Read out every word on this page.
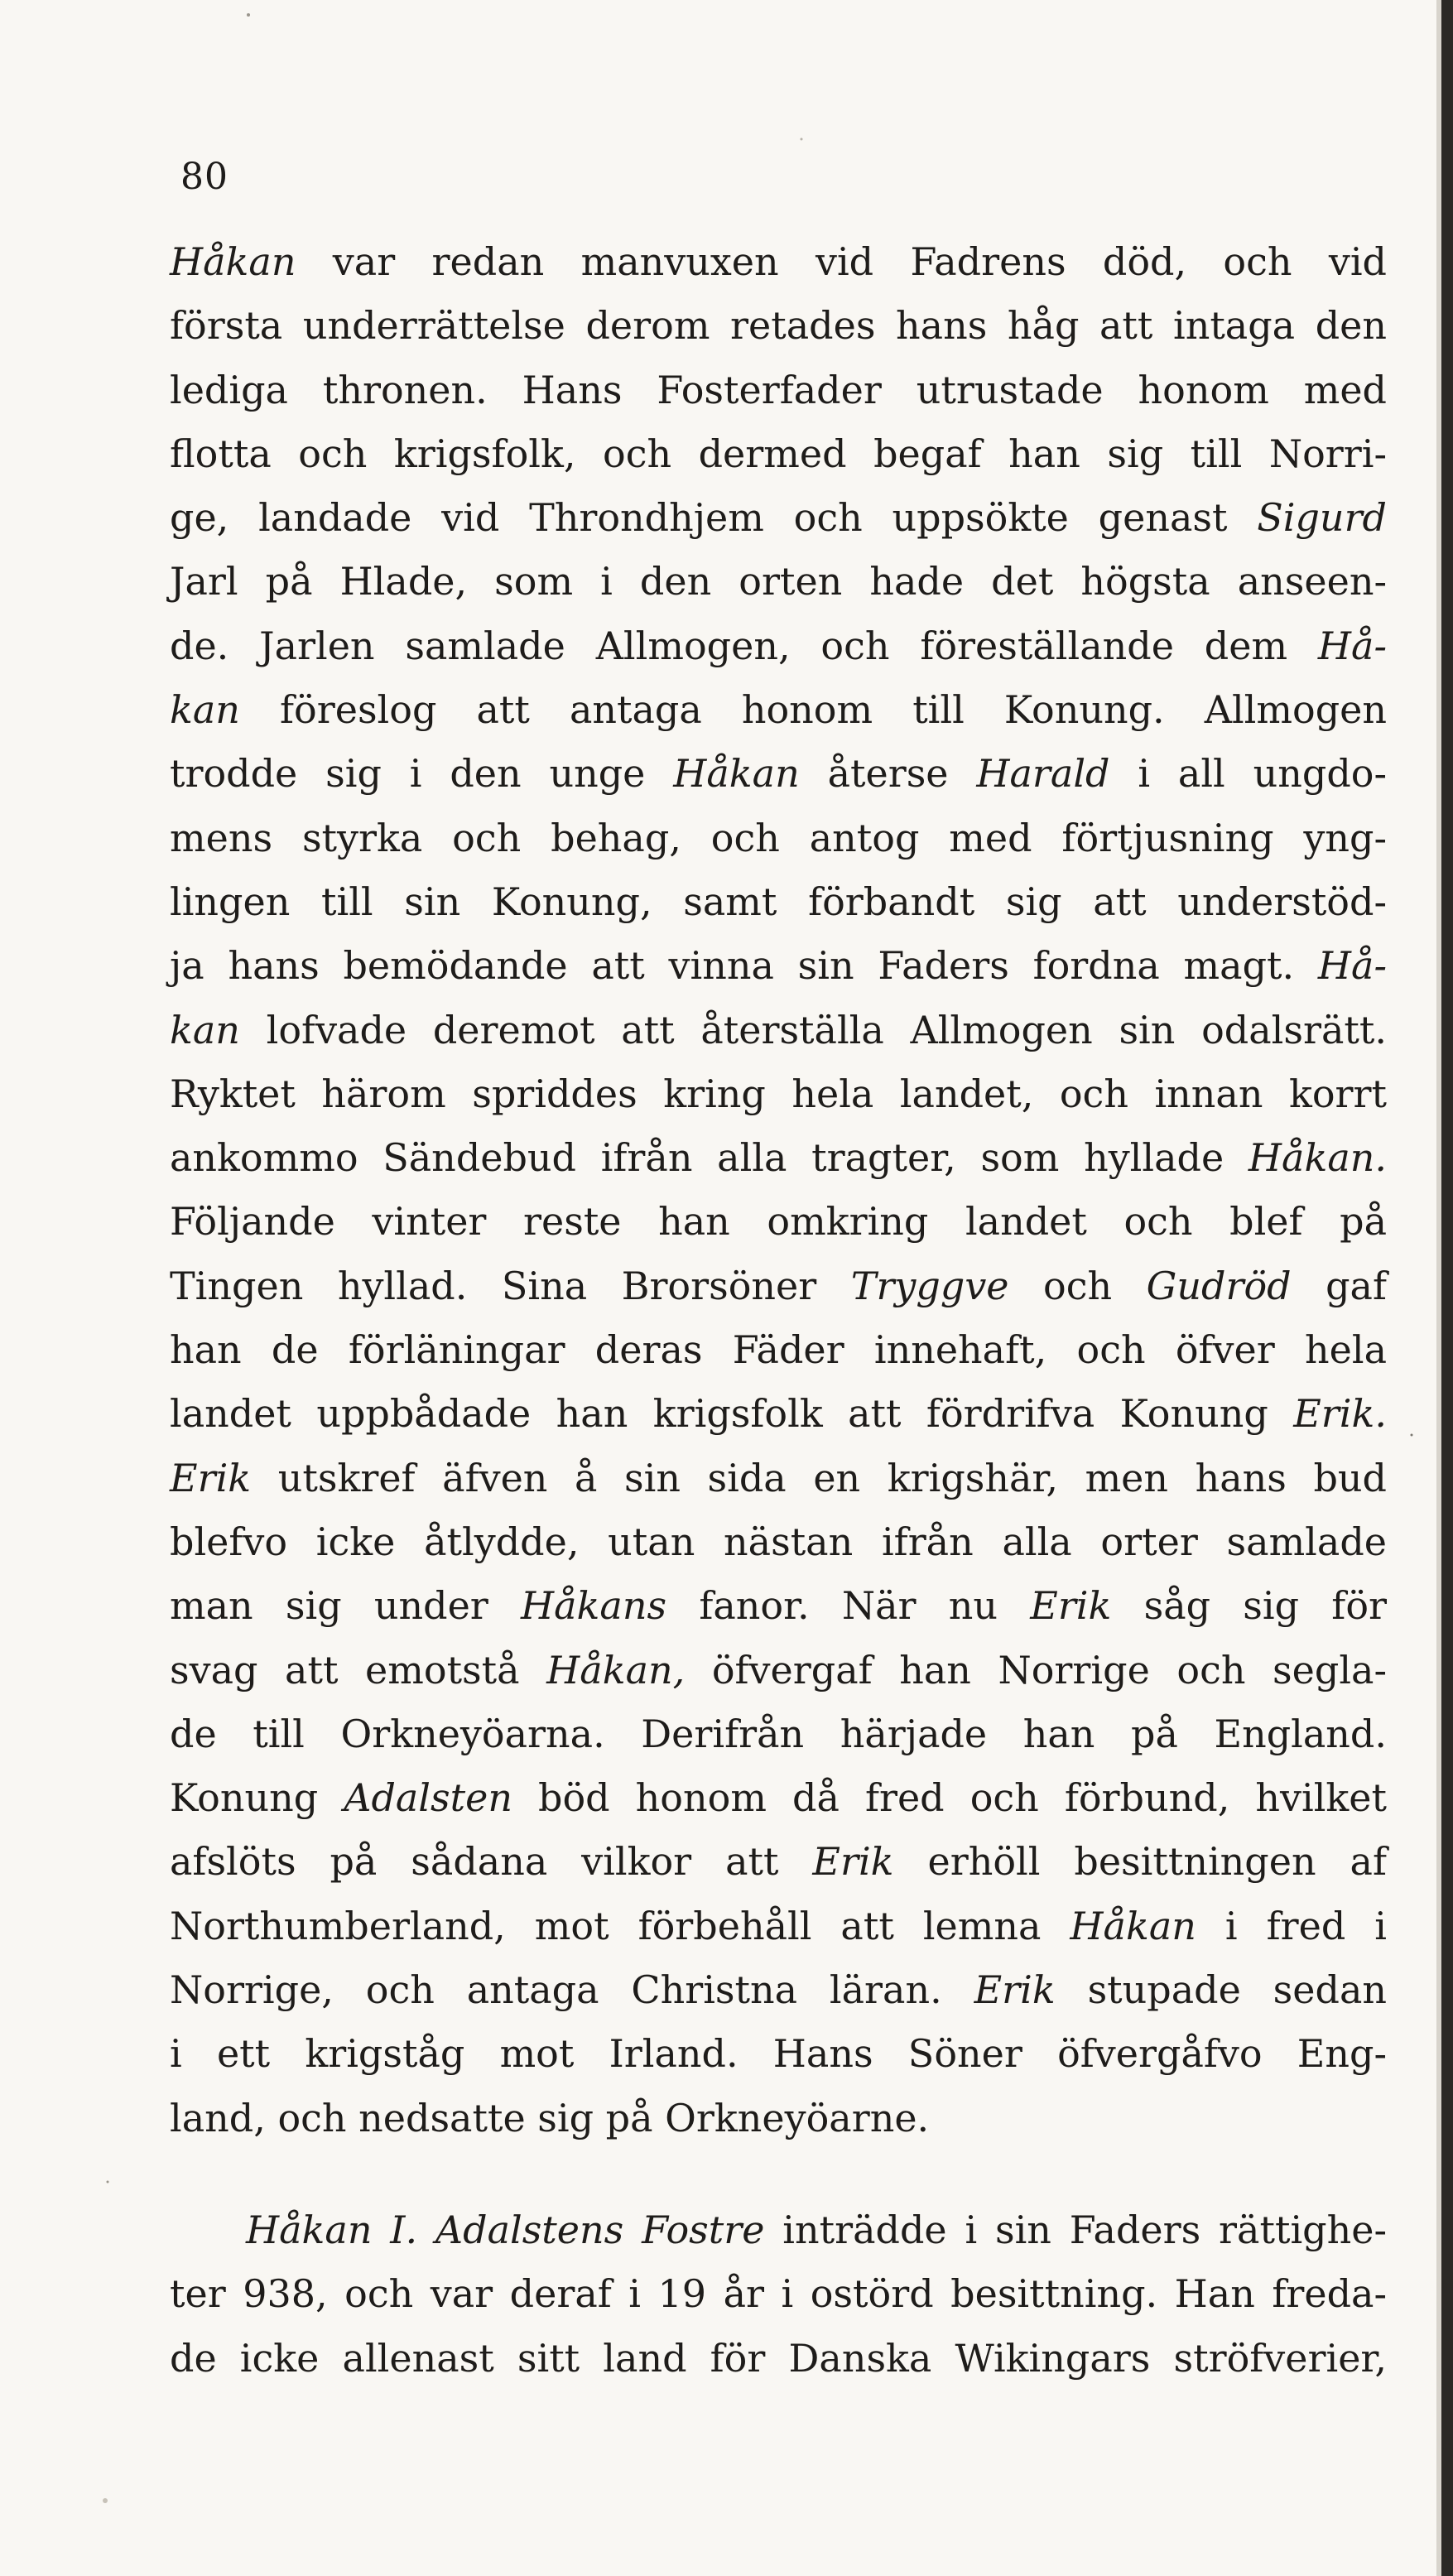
80
Håkan var redan manvuxen vid Fadrens död, och vid
första underrättelse derom retades hans håg att intaga den
lediga thronen. Hans Fosterfader utrustade honom med
flotta och krigsfolk, och dermed begaf han sig till Norri-
ge, landade vid Throndhjem och uppsökte genast Sigurd
Jarl på Hlade, som i den orten hade det högsta anseen-
de. Jarlen samlade Allmogen, och föreställande dem Hå-
kan föreslog att antaga honom till Konung. Allmogen
trodde sig i den unge Håkan återse Harald i all ungdo-
mens styrka och behag, och antog med förtjusning yng-
lingen till sin Konung, samt förbandt sig att understöd-
ja hans bemödande att vinna sin Faders fordna magt. Hå-
kan lofvade deremot att återställa Allmogen sin odalsrätt.
Ryktet härom spriddes kring hela landet, och innan korrt
ankommo Sändebud ifrån alla tragter, som hyllade Håkan.
Följande vinter reste han omkring landet och blef på
Tingen hyllad. Sina Brorsöner Tryggve och Gudröd gaf
han de förläningar deras Fäder innehaft, och öfver hela
landet uppbådade han krigsfolk att fördrifva Konung Erik.
Erik utskref äfven å sin sida en krigshär, men hans bud
blefvo icke åtlydde, utan nästan ifrån alla orter samlade
man sig under Håkans fanor. När nu Erik såg sig för
svag att emotstå Håkan, öfvergaf han Norrige och segla-
de till Orkneyöarna. Derifrån härjade han på England.
Konung Adalsten böd honom då fred och förbund, hvilket
afslöts på sådana vilkor att Erik erhöll besittningen af
Northumberland, mot förbehåll att lemna Håkan i fred i
Norrige, och antaga Christna läran. Erik stupade sedan
i ett krigståg mot Irland. Hans Söner öfvergåfvo Eng-
land, och nedsatte sig på Orkneyöarne.
Håkan I. Adalstens Fostre inträdde i sin Faders rättighe-
ter 938, och var deraf i 19 år i ostörd besittning. Han freda-
de icke allenast sitt land för Danska Wikingars ströfverier,
